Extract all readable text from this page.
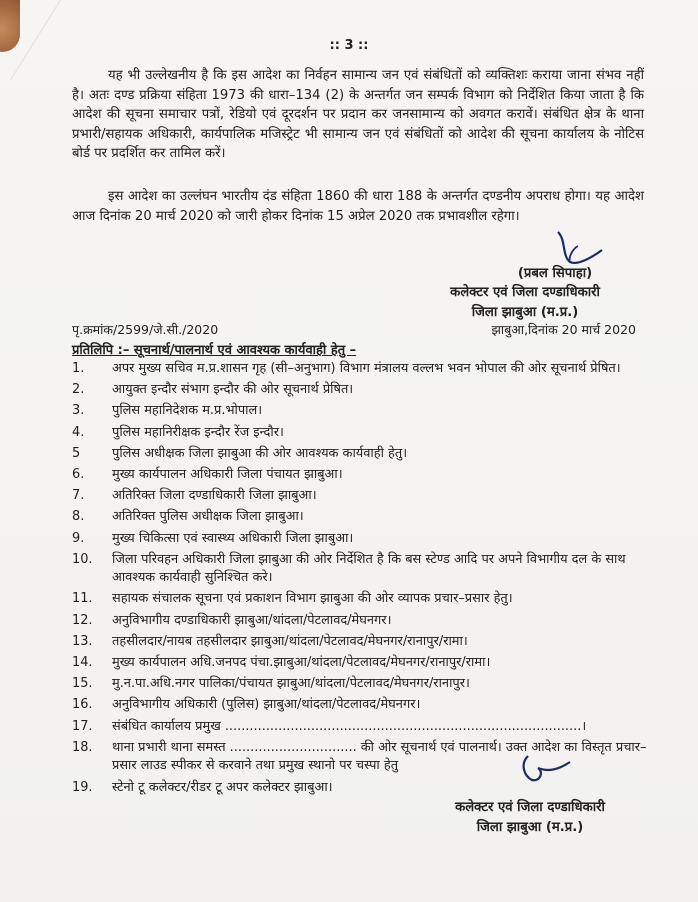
:: 3 ::
यह भी उल्लेखनीय है कि इस आदेश का निर्वहन सामान्य जन एवं संबंधितों को व्यक्तिशः कराया जाना संभव नहीं है। अतः दण्ड प्रक्रिया संहिता 1973 की धारा–134 (2) के अन्तर्गत जन सम्पर्क विभाग को निर्देशित किया जाता है कि आदेश की सूचना समाचार पत्रों, रेडियो एवं दूरदर्शन पर प्रदान कर जनसामान्य को अवगत करावें। संबंधित क्षेत्र के थाना प्रभारी/सहायक अधिकारी, कार्यपालिक मजिस्ट्रेट भी सामान्य जन एवं संबंधितों को आदेश की सूचना कार्यालय के नोटिस बोर्ड पर प्रदर्शित कर तामिल करें।
इस आदेश का उल्लंघन भारतीय दंड संहिता 1860 की धारा 188 के अन्तर्गत दण्डनीय अपराध होगा। यह आदेश आज दिनांक 20 मार्च 2020 को जारी होकर दिनांक 15 अप्रेल 2020 तक प्रभावशील रहेगा।
(प्रबल सिपाहा)
कलेक्टर एवं जिला दण्डाधिकारी
जिला झाबुआ (म.प्र.)
पृ.क्रमांक/2599/जे.सी./2020	झाबुआ,दिनांक 20 मार्च 2020
प्रतिलिपि :– सूचनार्थ/पालनार्थ एवं आवश्यक कार्यवाही हेतु –
1. अपर मुख्य सचिव म.प्र.शासन गृह (सी–अनुभाग) विभाग मंत्रालय वल्लभ भवन भोपाल की ओर सूचनार्थ प्रेषित।
2. आयुक्त इन्दौर संभाग इन्दौर की ओर सूचनार्थ प्रेषित।
3. पुलिस महानिदेशक म.प्र.भोपाल।
4. पुलिस महानिरीक्षक इन्दौर रेंज इन्दौर।
5 पुलिस अधीक्षक जिला झाबुआ की ओर आवश्यक कार्यवाही हेतु।
6. मुख्य कार्यपालन अधिकारी जिला पंचायत झाबुआ।
7. अतिरिक्त जिला दण्डाधिकारी जिला झाबुआ।
8. अतिरिक्त पुलिस अधीक्षक जिला झाबुआ।
9. मुख्य चिकित्सा एवं स्वास्थ्य अधिकारी जिला झाबुआ।
10. जिला परिवहन अधिकारी जिला झाबुआ की ओर निर्देशित है कि बस स्टेण्ड आदि पर अपने विभागीय दल के साथ आवश्यक कार्यवाही सुनिश्चित करे।
11. सहायक संचालक सूचना एवं प्रकाशन विभाग झाबुआ की ओर व्यापक प्रचार–प्रसार हेतु।
12. अनुविभागीय दण्डाधिकारी झाबुआ/थांदला/पेटलावद/मेघनगर।
13. तहसीलदार/नायब तहसीलदार झाबुआ/थांदला/पेटलावद/मेघनगर/रानापुर/रामा।
14. मुख्य कार्यपालन अधि.जनपद पंचा.झाबुआ/थांदला/पेटलावद/मेघनगर/रानापुर/रामा।
15. मु.न.पा.अधि.नगर पालिका/पंचायत झाबुआ/थांदला/पेटलावद/मेघनगर/रानापुर।
16. अनुविभागीय अधिकारी (पुलिस) झाबुआ/थांदला/पेटलावद/मेघनगर।
17. संबंधित कार्यालय प्रमुख .......................................................................................।
18. थाना प्रभारी थाना समस्त ............................... की ओर सूचनार्थ एवं पालनार्थ। उक्त आदेश का विस्तृत प्रचार–प्रसार लाउड स्पीकर से करवाने तथा प्रमुख स्थानो पर चस्पा हेतु
19. स्टेनो टू कलेक्टर/रीडर टू अपर कलेक्टर झाबुआ।
कलेक्टर एवं जिला दण्डाधिकारी
जिला झाबुआ (म.प्र.)
